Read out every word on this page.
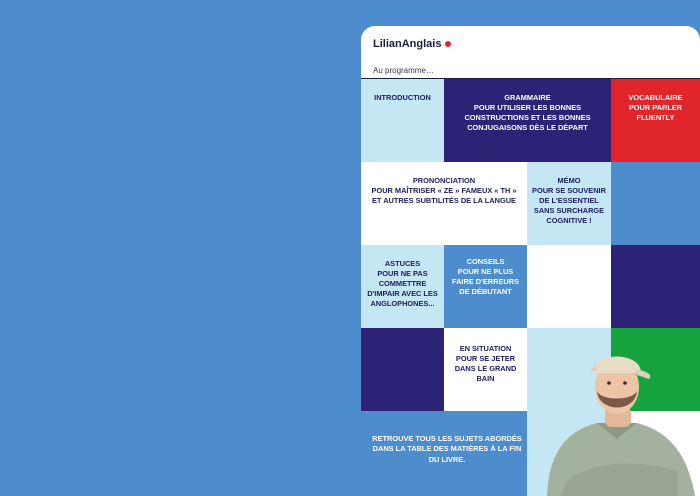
LilianAnglais
Au programme…
INTRODUCTION	GRAMMAIRE
POUR UTILISER LES BONNES CONSTRUCTIONS ET LES BONNES CONJUGAISONS DÈS LE DÉPART
VOCABULAIRE
POUR PARLER FLUENTLY
PRONONCIATION
POUR MAÎTRISER « ZE » FAMEUX « TH » ET AUTRES SUBTILITÉS DE LA LANGUE
MÉMO
POUR SE SOUVENIR DE L'ESSENTIEL SANS SURCHARGE COGNITIVE !
ASTUCES
POUR NE PAS COMMETTRE D'IMPAIR AVEC LES ANGLOPHONES...
CONSEILS
POUR NE PLUS FAIRE D'ERREURS DE DÉBUTANT
EN SITUATION
POUR SE JETER DANS LE GRAND BAIN
RETROUVE TOUS LES SUJETS ABORDÉS DANS LA TABLE DES MATIÈRES À LA FIN DU LIVRE.
